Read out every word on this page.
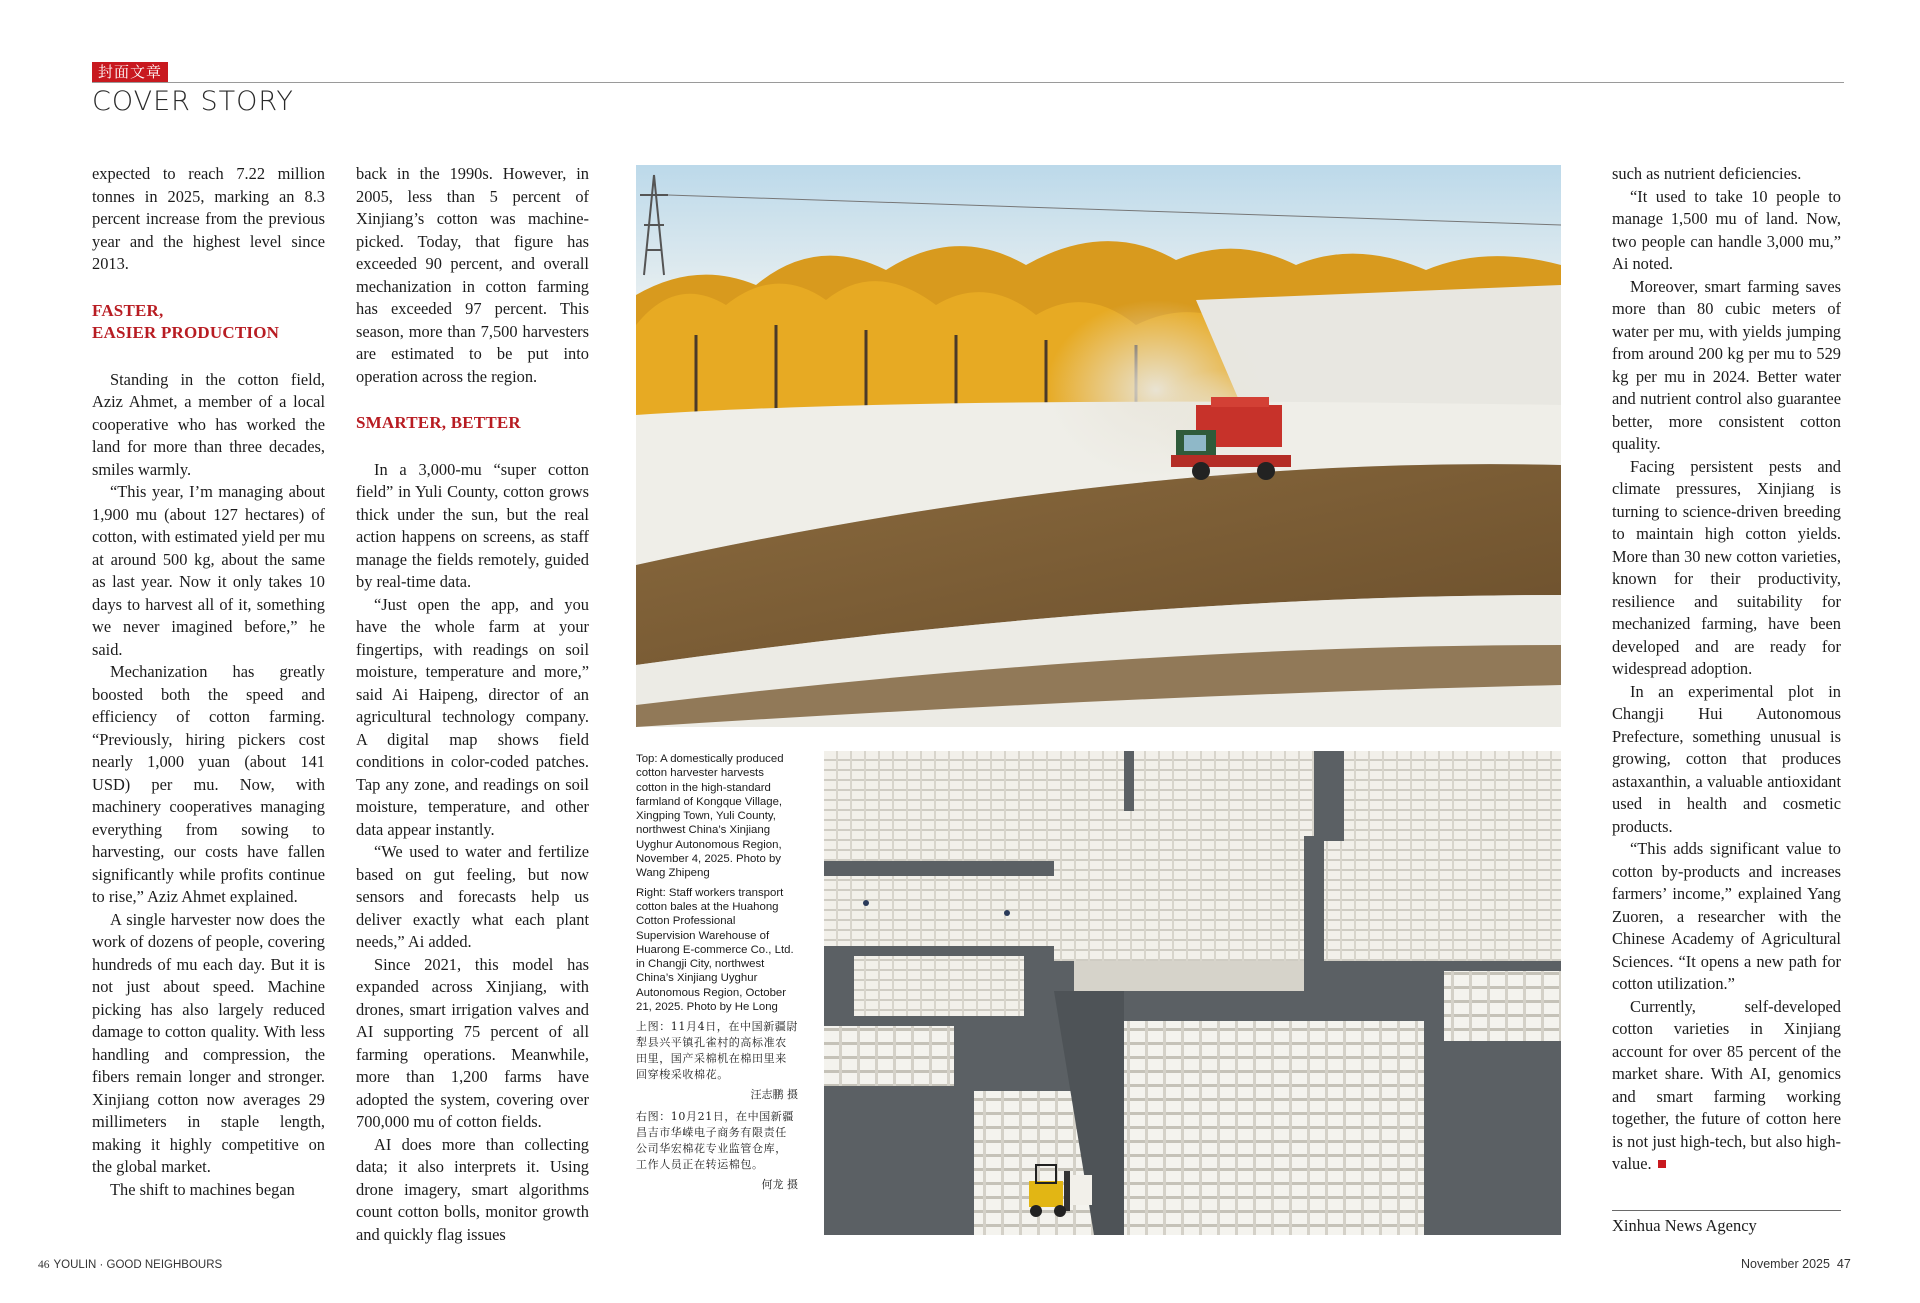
封面文章
COVER STORY

expected to reach 7.22 million tonnes in 2025, marking an 8.3 percent increase from the previous year and the highest level since 2013.

FASTER,
EASIER PRODUCTION

Standing in the cotton field, Aziz Ahmet, a member of a local cooperative who has worked the land for more than three decades, smiles warmly.

“This year, I’m managing about 1,900 mu (about 127 hectares) of cotton, with estimated yield per mu at around 500 kg, about the same as last year. Now it only takes 10 days to harvest all of it, something we never imagined before,” he said.

Mechanization has greatly boosted both the speed and efficiency of cotton farming. “Previously, hiring pickers cost nearly 1,000 yuan (about 141 USD) per mu. Now, with machinery cooperatives managing everything from sowing to harvesting, our costs have fallen significantly while profits continue to rise,” Aziz Ahmet explained.

A single harvester now does the work of dozens of people, covering hundreds of mu each day. But it is not just about speed. Machine picking has also largely reduced damage to cotton quality. With less handling and compression, the fibers remain longer and stronger. Xinjiang cotton now averages 29 millimeters in staple length, making it highly competitive on the global market.

The shift to machines began

back in the 1990s. However, in 2005, less than 5 percent of Xinjiang’s cotton was machine-picked. Today, that figure has exceeded 90 percent, and overall mechanization in cotton farming has exceeded 97 percent. This season, more than 7,500 harvesters are estimated to be put into operation across the region.

SMARTER, BETTER

In a 3,000-mu “super cotton field” in Yuli County, cotton grows thick under the sun, but the real action happens on screens, as staff manage the fields remotely, guided by real-time data.

“Just open the app, and you have the whole farm at your fingertips, with readings on soil moisture, temperature and more,” said Ai Haipeng, director of an agricultural technology company. A digital map shows field conditions in color-coded patches. Tap any zone, and readings on soil moisture, temperature, and other data appear instantly.

“We used to water and fertilize based on gut feeling, but now sensors and forecasts help us deliver exactly what each plant needs,” Ai added.

Since 2021, this model has expanded across Xinjiang, with drones, smart irrigation valves and AI supporting 75 percent of all farming operations. Meanwhile, more than 1,200 farms have adopted the system, covering over 700,000 mu of cotton fields.

AI does more than collecting data; it also interprets it. Using drone imagery, smart algorithms count cotton bolls, monitor growth and quickly flag issues

such as nutrient deficiencies.

“It used to take 10 people to manage 1,500 mu of land. Now, two people can handle 3,000 mu,” Ai noted.

Moreover, smart farming saves more than 80 cubic meters of water per mu, with yields jumping from around 200 kg per mu to 529 kg per mu in 2024. Better water and nutrient control also guarantee better, more consistent cotton quality.

Facing persistent pests and climate pressures, Xinjiang is turning to science-driven breeding to maintain high cotton yields. More than 30 new cotton varieties, known for their productivity, resilience and suitability for mechanized farming, have been developed and are ready for widespread adoption.

In an experimental plot in Changji Hui Autonomous Prefecture, something unusual is growing, cotton that produces astaxanthin, a valuable antioxidant used in health and cosmetic products.

“This adds significant value to cotton by-products and increases farmers’ income,” explained Yang Zuoren, a researcher with the Chinese Academy of Agricultural Sciences. “It opens a new path for cotton utilization.”

Currently, self-developed cotton varieties in Xinjiang account for over 85 percent of the market share. With AI, genomics and smart farming working together, the future of cotton here is not just high-tech, but also high-value.

Xinhua News Agency

Top: A domestically produced cotton harvester harvests cotton in the high-standard farmland of Kongque Village, Xingping Town, Yuli County, northwest China’s Xinjiang Uyghur Autonomous Region, November 4, 2025. Photo by Wang Zhipeng

Right: Staff workers transport cotton bales at the Huahong Cotton Professional Supervision Warehouse of Huarong E-commerce Co., Ltd. in Changji City, northwest China’s Xinjiang Uyghur Autonomous Region, October 21, 2025. Photo by He Long

上图：11月4日，在中国新疆尉犁县兴平镇孔雀村的高标准农田里，国产采棉机在棉田里来回穿梭采收棉花。

汪志鹏 摄

右图：10月21日，在中国新疆昌吉市华嵘电子商务有限责任公司华宏棉花专业监管仓库，工作人员正在转运棉包。

何龙 摄

46 YOULIN · GOOD NEIGHBOURS	November 2025 47
